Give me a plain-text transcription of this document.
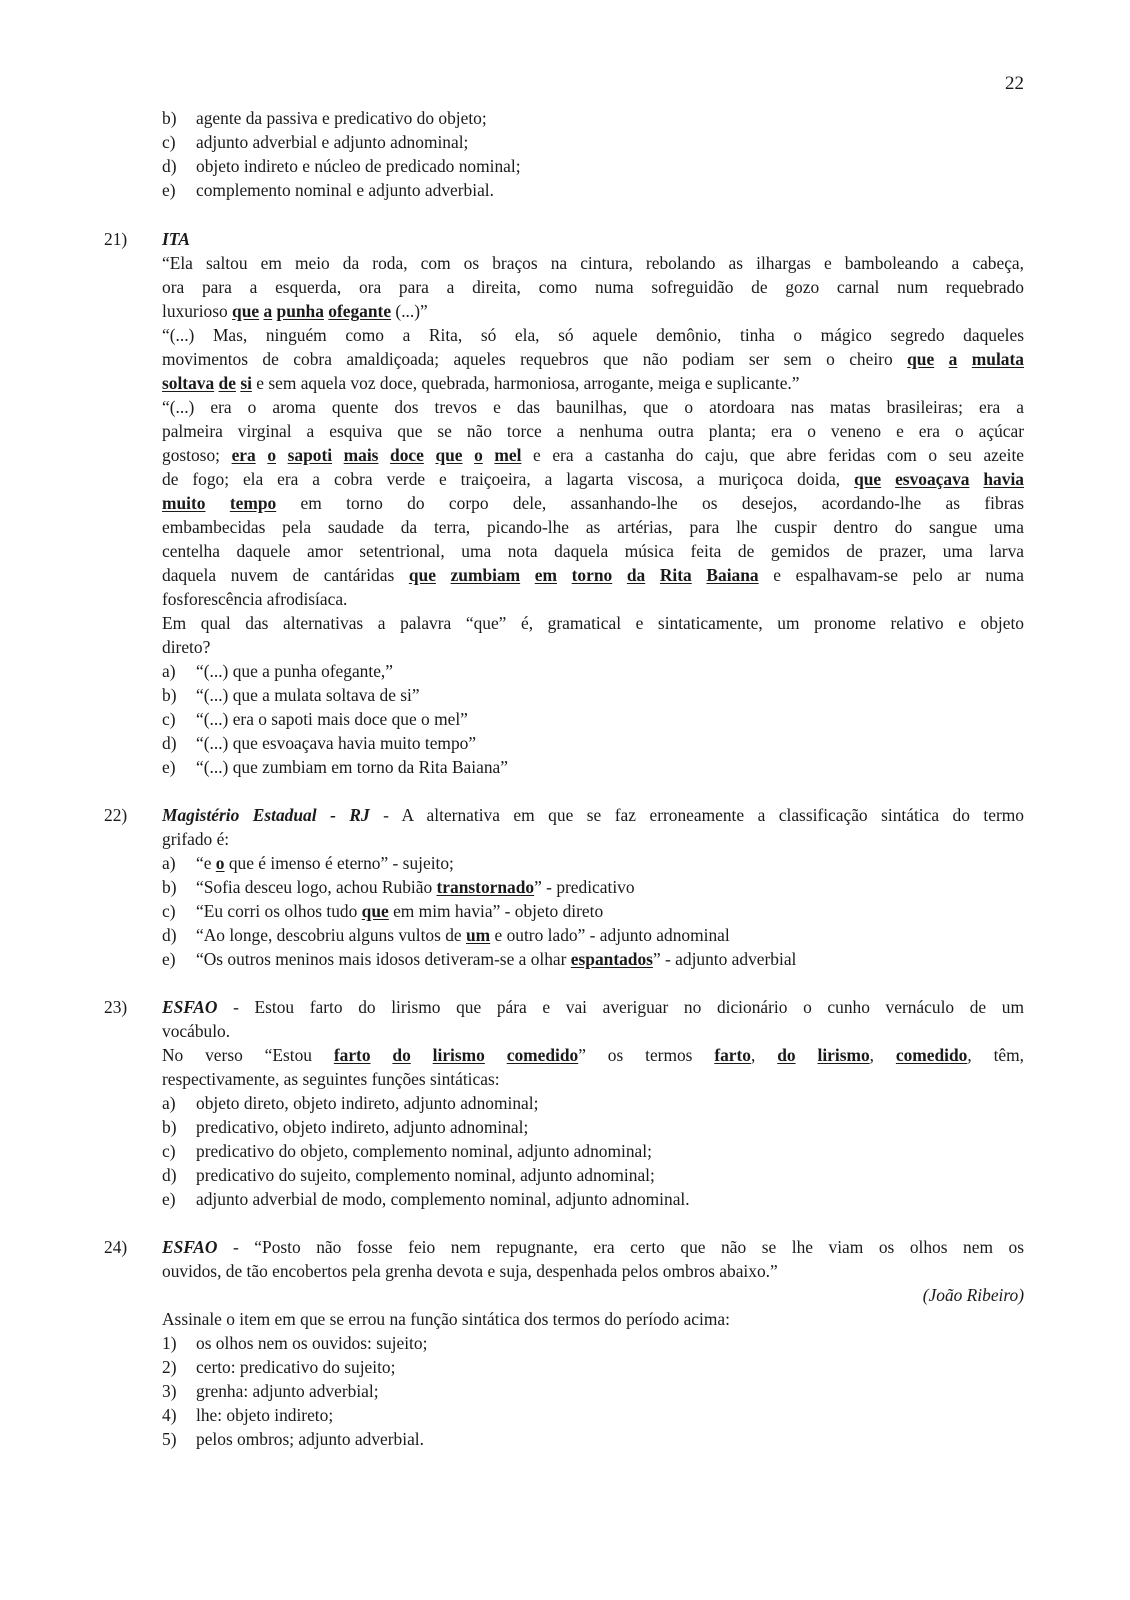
22
b) agente da passiva e predicativo do objeto;
c) adjunto adverbial e adjunto adnominal;
d) objeto indireto e núcleo de predicado nominal;
e) complemento nominal e adjunto adverbial.
21) ITA
“Ela saltou em meio da roda, com os braços na cintura, rebolando as ilhargas e bamboleando a cabeça,
ora para a esquerda, ora para a direita, como numa sofreguidão de gozo carnal num requebrado
luxurioso que a punha ofegante (...)”
“(...) Mas, ninguém como a Rita, só ela, só aquele demônio, tinha o mágico segredo daqueles
movimentos de cobra amaldiçoada; aqueles requebros que não podiam ser sem o cheiro que a mulata
soltava de si e sem aquela voz doce, quebrada, harmoniosa, arrogante, meiga e suplicante.”
“(...) era o aroma quente dos trevos e das baunilhas, que o atordoara nas matas brasileiras; era a
palmeira virginal a esquiva que se não torce a nenhuma outra planta; era o veneno e era o açúcar
gostoso; era o sapoti mais doce que o mel e era a castanha do caju, que abre feridas com o seu azeite
de fogo; ela era a cobra verde e traiçoeira, a lagarta viscosa, a muriçoca doida, que esvoaçava havia
muito tempo em torno do corpo dele, assanhando-lhe os desejos, acordando-lhe as fibras
embambecidas pela saudade da terra, picando-lhe as artérias, para lhe cuspir dentro do sangue uma
centelha daquele amor setentrional, uma nota daquela música feita de gemidos de prazer, uma larva
daquela nuvem de cantáridas que zumbiam em torno da Rita Baiana e espalhavam-se pelo ar numa
fosforescência afrodisíaca.
Em qual das alternativas a palavra “que” é, gramatical e sintaticamente, um pronome relativo e objeto
direto?
a) “(...) que a punha ofegante,”
b) “(...) que a mulata soltava de si”
c) “(...) era o sapoti mais doce que o mel”
d) “(...) que esvoaçava havia muito tempo”
e) “(...) que zumbiam em torno da Rita Baiana”
22) Magistério Estadual - RJ - A alternativa em que se faz erroneamente a classificação sintática do termo
grifado é:
a) “e o que é imenso é eterno” - sujeito;
b) “Sofia desceu logo, achou Rubião transtornado” - predicativo
c) “Eu corri os olhos tudo que em mim havia” - objeto direto
d) “Ao longe, descobriu alguns vultos de um e outro lado” - adjunto adnominal
e) “Os outros meninos mais idosos detiveram-se a olhar espantados” - adjunto adverbial
23) ESFAO - Estou farto do lirismo que pára e vai averiguar no dicionário o cunho vernáculo de um
vocábulo.
No verso “Estou farto do lirismo comedido” os termos farto, do lirismo, comedido, têm,
respectivamente, as seguintes funções sintáticas:
a) objeto direto, objeto indireto, adjunto adnominal;
b) predicativo, objeto indireto, adjunto adnominal;
c) predicativo do objeto, complemento nominal, adjunto adnominal;
d) predicativo do sujeito, complemento nominal, adjunto adnominal;
e) adjunto adverbial de modo, complemento nominal, adjunto adnominal.
24) ESFAO - “Posto não fosse feio nem repugnante, era certo que não se lhe viam os olhos nem os
ouvidos, de tão encobertos pela grenha devota e suja, despenhada pelos ombros abaixo.”
(João Ribeiro)
Assinale o item em que se errou na função sintática dos termos do período acima:
1) os olhos nem os ouvidos: sujeito;
2) certo: predicativo do sujeito;
3) grenha: adjunto adverbial;
4) lhe: objeto indireto;
5) pelos ombros; adjunto adverbial.
